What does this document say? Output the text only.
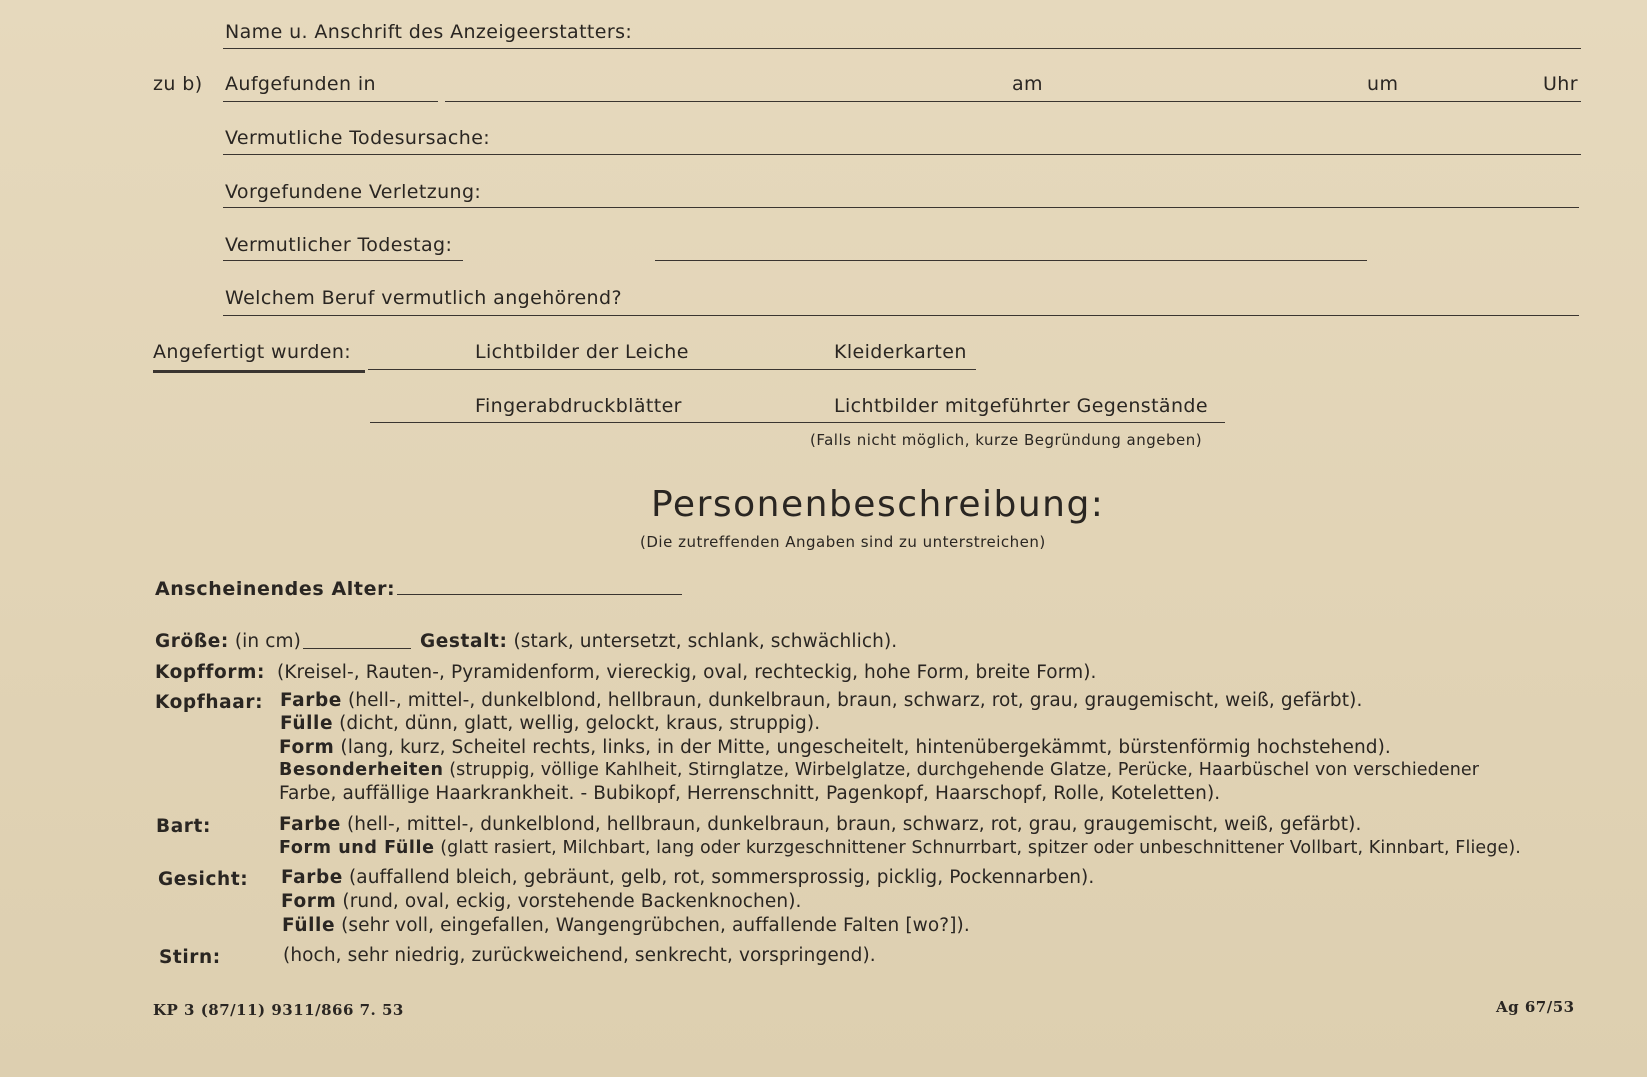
Name u. Anschrift des Anzeigeerstatters:
zu b) Aufgefunden in	am	um	Uhr
Vermutliche Todesursache:
Vorgefundene Verletzung:
Vermutlicher Todestag:
Welchem Beruf vermutlich angehörend?
Angefertigt wurden:	Lichtbilder der Leiche	Kleiderkarten
Fingerabdruckblätter	Lichtbilder mitgeführter Gegenstände
(Falls nicht möglich, kurze Begründung angeben)
Personenbeschreibung:
(Die zutreffenden Angaben sind zu unterstreichen)
Anscheinendes Alter:
Größe: (in cm)	Gestalt: (stark, untersetzt, schlank, schwächlich).
Kopfform: (Kreisel-, Rauten-, Pyramidenform, viereckig, oval, rechteckig, hohe Form, breite Form).
Kopfhaar: Farbe (hell-, mittel-, dunkelblond, hellbraun, dunkelbraun, braun, schwarz, rot, grau, graugemischt, weiß, gefärbt).
Fülle (dicht, dünn, glatt, wellig, gelockt, kraus, struppig).
Form (lang, kurz, Scheitel rechts, links, in der Mitte, ungescheitelt, hintenübergekämmt, bürstenförmig hochstehend).
Besonderheiten (struppig, völlige Kahlheit, Stirnglatze, Wirbelglatze, durchgehende Glatze, Perücke, Haarbüschel von verschiedener
Farbe, auffällige Haarkrankheit. - Bubikopf, Herrenschnitt, Pagenkopf, Haarschopf, Rolle, Koteletten).
Bart:	Farbe (hell-, mittel-, dunkelblond, hellbraun, dunkelbraun, braun, schwarz, rot, grau, graugemischt, weiß, gefärbt).
Form und Fülle (glatt rasiert, Milchbart, lang oder kurzgeschnittener Schnurrbart, spitzer oder unbeschnittener Vollbart, Kinnbart, Fliege).
Gesicht: Farbe (auffallend bleich, gebräunt, gelb, rot, sommersprossig, picklig, Pockennarben).
Form (rund, oval, eckig, vorstehende Backenknochen).
Fülle (sehr voll, eingefallen, Wangengrübchen, auffallende Falten [wo?]).
Stirn:	(hoch, sehr niedrig, zurückweichend, senkrecht, vorspringend).
KP 3 (87/11) 9311/866 7. 53	Ag 67/53
